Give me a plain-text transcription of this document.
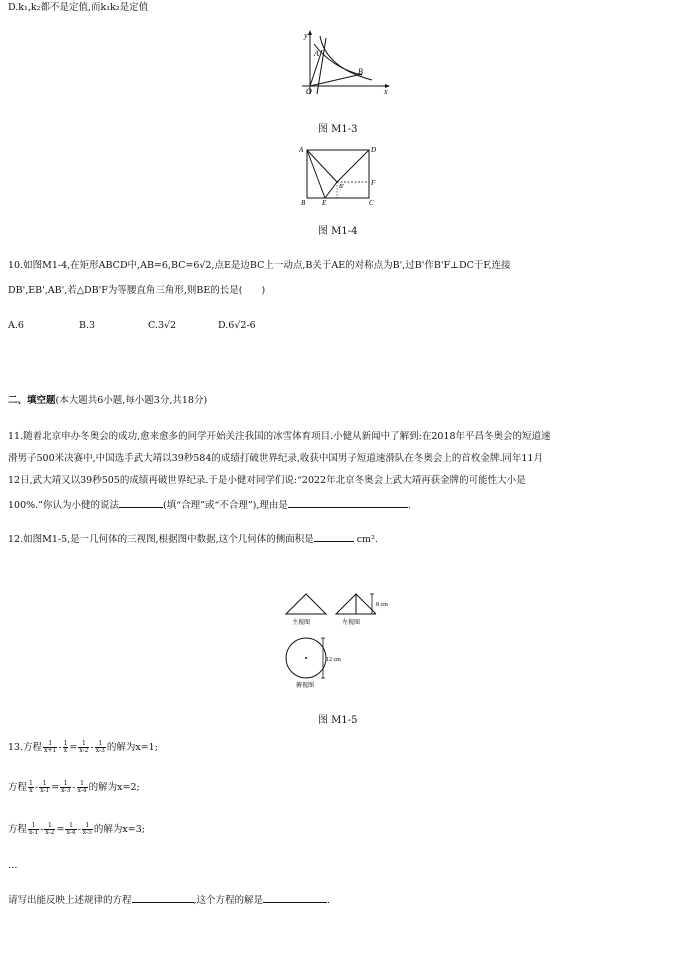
D.k₁,k₂都不是定值,而k₁k₂是定值
y
x
O
A
B
图 M1-3
A	D
B E	C
F
B'
图 M1-4
10.如图M1-4,在矩形ABCD中,AB=6,BC=6√2,点E是边BC上一动点,B关于AE的对称点为B',过B'作B'F⊥DC于F,连接
DB',EB',AB',若△DB'F为等腰直角三角形,则BE的长是(　　)
A.6	B.3	C.3√2	D.6√2-6
二、填空题(本大题共6小题,每小题3分,共18分)
11.随着北京申办冬奥会的成功,愈来愈多的同学开始关注我国的冰雪体育项目.小健从新闻中了解到:在2018年平昌冬奥会的短道速
滑男子500米决赛中,中国选手武大靖以39秒584的成绩打破世界纪录,收获中国男子短道速滑队在冬奥会上的首枚金牌.同年11月
12日,武大靖又以39秒505的成绩再破世界纪录.于是小健对同学们说:“2022年北京冬奥会上武大靖再获金牌的可能性大小是
100%.”你认为小健的说法	(填“合理”或“不合理”),理由是	.
12.如图M1-5,是一几何体的三视图,根据图中数据,这个几何体的侧面积是	cm².
8 cm
主视图	左视图
12 cm
俯视图
图 M1-5
13.方程 $\frac{1}{x+1} - \frac{1}{x} = \frac{1}{x-2} - \frac{1}{x-3}$ 的解为x=1;
方程 $\frac{1}{x} - \frac{1}{x-1} = \frac{1}{x-3} - \frac{1}{x-4}$ 的解为x=2;
方程 $\frac{1}{x-1} - \frac{1}{x-2} = \frac{1}{x-4} - \frac{1}{x-5}$ 的解为x=3;
…
请写出能反映上述规律的方程	,这个方程的解是	.
